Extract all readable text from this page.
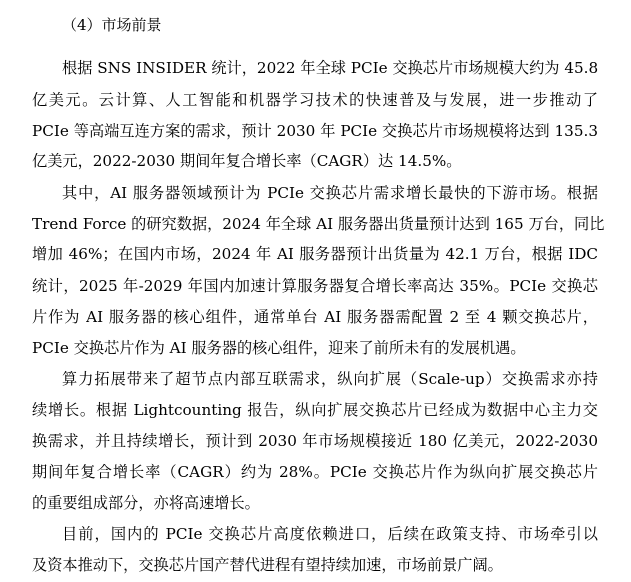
（4）市场前景
根据 SNS INSIDER 统计，2022 年全球 PCIe 交换芯片市场规模大约为 45.8
亿美元。云计算、人工智能和机器学习技术的快速普及与发展，进一步推动了
PCIe 等高端互连方案的需求，预计 2030 年 PCIe 交换芯片市场规模将达到 135.3
亿美元，2022-2030 期间年复合增长率（CAGR）达 14.5%。
其中，AI 服务器领域预计为 PCIe 交换芯片需求增长最快的下游市场。根据
Trend Force 的研究数据，2024 年全球 AI 服务器出货量预计达到 165 万台，同比
增加 46%；在国内市场，2024 年 AI 服务器预计出货量为 42.1 万台，根据 IDC
统计，2025 年-2029 年国内加速计算服务器复合增长率高达 35%。PCIe 交换芯
片作为 AI 服务器的核心组件，通常单台 AI 服务器需配置 2 至 4 颗交换芯片，
PCIe 交换芯片作为 AI 服务器的核心组件，迎来了前所未有的发展机遇。
算力拓展带来了超节点内部互联需求，纵向扩展（Scale-up）交换需求亦持
续增长。根据 Lightcounting 报告，纵向扩展交换芯片已经成为数据中心主力交
换需求，并且持续增长，预计到 2030 年市场规模接近 180 亿美元，2022-2030
期间年复合增长率（CAGR）约为 28%。PCIe 交换芯片作为纵向扩展交换芯片
的重要组成部分，亦将高速增长。
目前，国内的 PCIe 交换芯片高度依赖进口，后续在政策支持、市场牵引以
及资本推动下，交换芯片国产替代进程有望持续加速，市场前景广阔。
